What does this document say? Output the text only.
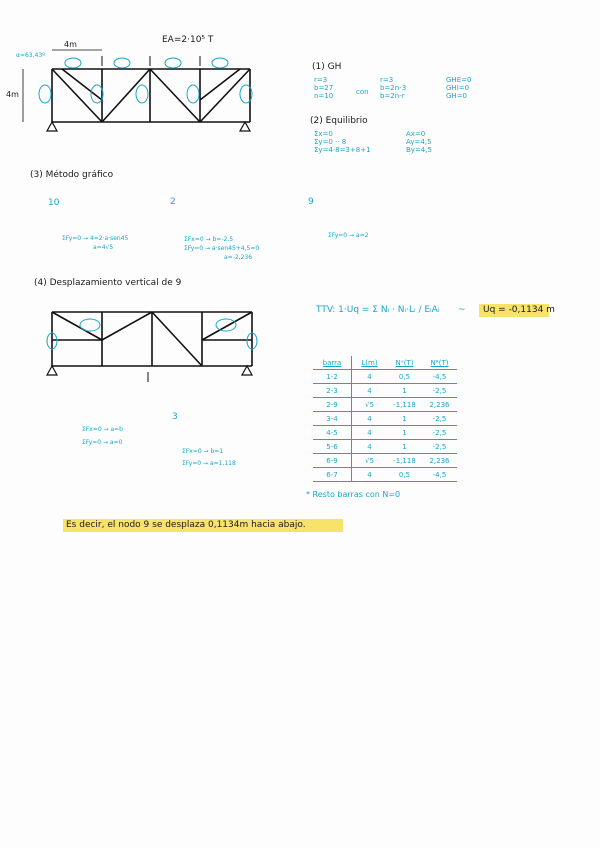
EA=2·10⁵ T
4m
4m
α=63,43º
(1) GH
r=3
b=27
n=10	con
r=3
b=2n-3
b=2n-r
GHE=0
GHI=0
GH=0
(2) Equilibrio
Σx=0
Σy=0 ·· 8
Σy=4·8=3+8+1
Ax=0
Ay=4,5
By=4,5
(3) Método gráfico
10
ΣFy=0 → 4=2·a·sen45
a=4√5
2
ΣFx=0 → b=-2,5
ΣFy=0 → a·sen45+4,5=0
a=-2,236
9
ΣFy=0 → a=2
(4) Desplazamiento vertical de 9
ΣFx=0 → a=b
ΣFy=0 → a=0
3
ΣFx=0 → b=1
ΣFy=0 → a=1,118
TTV: 1·Uq = Σ Nᵢ · Nᵢ·Lᵢ / EᵢAᵢ ~ Uq = -0,1134 m
barra	L(m)	Nᵛ(T)	Nᴿ(T)
1-2	4	0,5	-4,5
2-3	4	1	-2,5
2-9	√5	-1,118	2,236
3-4	4	1	-2,5
4-5	4	1	-2,5
5-6	4	1	-2,5
6-9	√5	-1,118	2,236
6-7	4	0,5	-4,5
* Resto barras con N=0
Es decir, el nodo 9 se desplaza 0,1134m hacia abajo.
